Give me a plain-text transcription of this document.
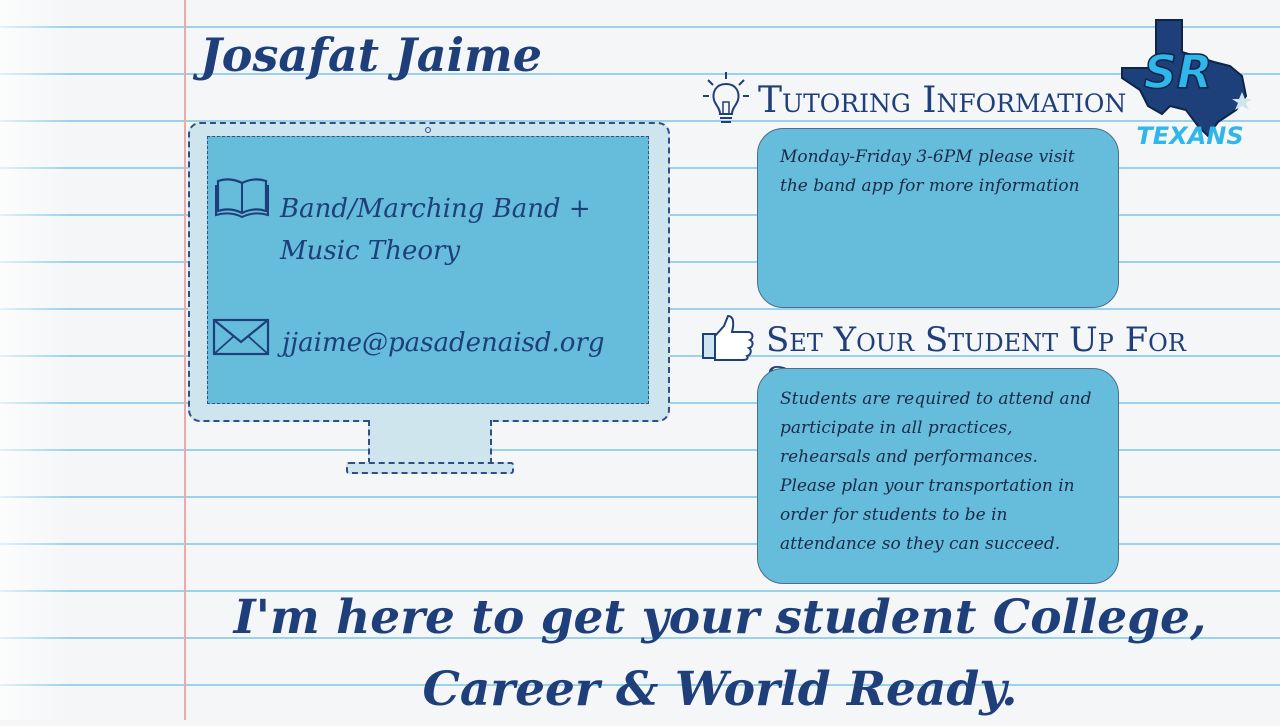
Josafat Jaime
Band/Marching Band + Music Theory
jjaime@pasadenaisd.org
Tutoring Information
Monday-Friday 3-6PM please visit the band app for more information
Set Your Student Up For
Students are required to attend and participate in all practices, rehearsals and performances. Please plan your transportation in order for students to be in attendance so they can succeed.
SR
TEXANS
I'm here to get your student College, Career & World Ready.
